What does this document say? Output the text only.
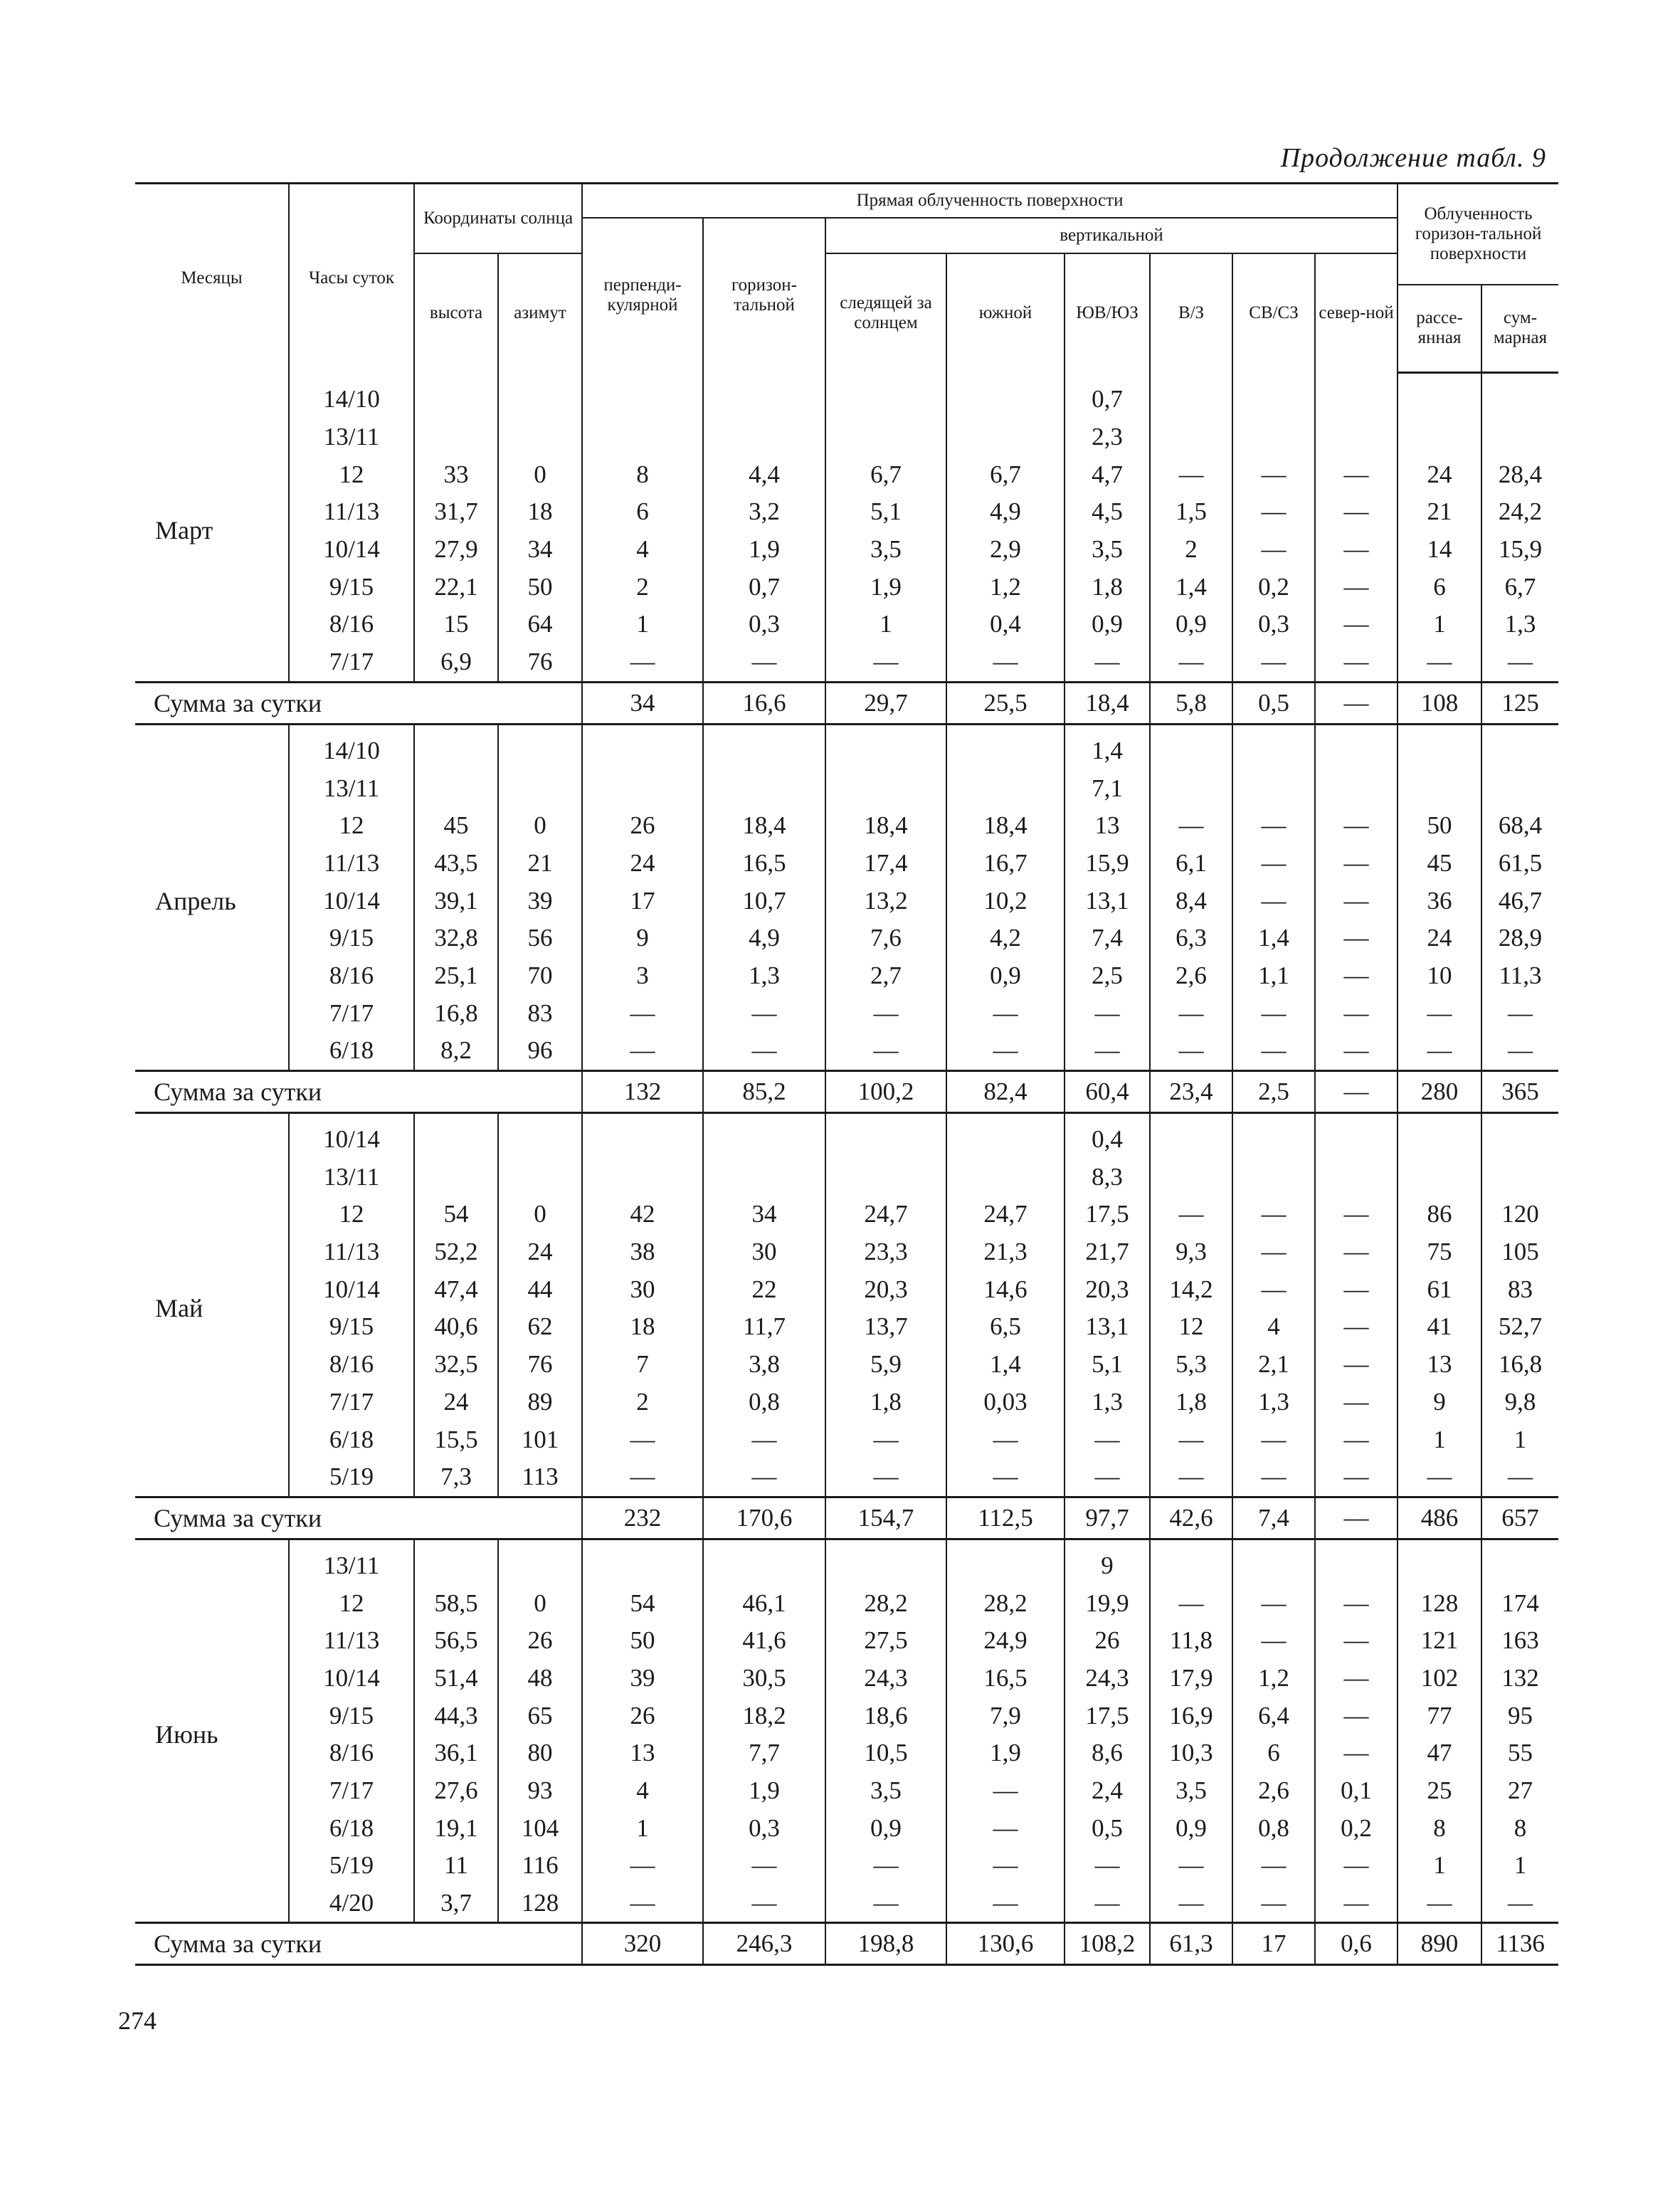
Продолжение табл. 9
Месяцы	Часы суток	Координаты солнца		Прямая облученность поверхности								Облученность горизон-тальной поверхности	
				перпенди-кулярной	горизон-тальной	вертикальной							
		высота	азимут			следящей за солнцем	южной	ЮВ/ЮЗ	В/З	СВ/СЗ	север-ной		
												рассе-янная	сум-марная
Март	14/10							0,7					
	13/11							2,3					
	12	33	0	8	4,4	6,7	6,7	4,7	—	—	—	24	28,4
	11/13	31,7	18	6	3,2	5,1	4,9	4,5	1,5	—	—	21	24,2
	10/14	27,9	34	4	1,9	3,5	2,9	3,5	2	—	—	14	15,9
	9/15	22,1	50	2	0,7	1,9	1,2	1,8	1,4	0,2	—	6	6,7
	8/16	15	64	1	0,3	1	0,4	0,9	0,9	0,3	—	1	1,3
	7/17	6,9	76	—	—	—	—	—	—	—	—	—	—
Сумма за сутки				34	16,6	29,7	25,5	18,4	5,8	0,5	—	108	125
Апрель	14/10							1,4					
	13/11							7,1					
	12	45	0	26	18,4	18,4	18,4	13	—	—	—	50	68,4
	11/13	43,5	21	24	16,5	17,4	16,7	15,9	6,1	—	—	45	61,5
	10/14	39,1	39	17	10,7	13,2	10,2	13,1	8,4	—	—	36	46,7
	9/15	32,8	56	9	4,9	7,6	4,2	7,4	6,3	1,4	—	24	28,9
	8/16	25,1	70	3	1,3	2,7	0,9	2,5	2,6	1,1	—	10	11,3
	7/17	16,8	83	—	—	—	—	—	—	—	—	—	—
	6/18	8,2	96	—	—	—	—	—	—	—	—	—	—
Сумма за сутки				132	85,2	100,2	82,4	60,4	23,4	2,5	—	280	365
Май	10/14							0,4					
	13/11							8,3					
	12	54	0	42	34	24,7	24,7	17,5	—	—	—	86	120
	11/13	52,2	24	38	30	23,3	21,3	21,7	9,3	—	—	75	105
	10/14	47,4	44	30	22	20,3	14,6	20,3	14,2	—	—	61	83
	9/15	40,6	62	18	11,7	13,7	6,5	13,1	12	4	—	41	52,7
	8/16	32,5	76	7	3,8	5,9	1,4	5,1	5,3	2,1	—	13	16,8
	7/17	24	89	2	0,8	1,8	0,03	1,3	1,8	1,3	—	9	9,8
	6/18	15,5	101	—	—	—	—	—	—	—	—	1	1
	5/19	7,3	113	—	—	—	—	—	—	—	—	—	—
Сумма за сутки				232	170,6	154,7	112,5	97,7	42,6	7,4	—	486	657
Июнь	13/11							9					
	12	58,5	0	54	46,1	28,2	28,2	19,9	—	—	—	128	174
	11/13	56,5	26	50	41,6	27,5	24,9	26	11,8	—	—	121	163
	10/14	51,4	48	39	30,5	24,3	16,5	24,3	17,9	1,2	—	102	132
	9/15	44,3	65	26	18,2	18,6	7,9	17,5	16,9	6,4	—	77	95
	8/16	36,1	80	13	7,7	10,5	1,9	8,6	10,3	6	—	47	55
	7/17	27,6	93	4	1,9	3,5	—	2,4	3,5	2,6	0,1	25	27
	6/18	19,1	104	1	0,3	0,9	—	0,5	0,9	0,8	0,2	8	8
	5/19	11	116	—	—	—	—	—	—	—	—	1	1
	4/20	3,7	128	—	—	—	—	—	—	—	—	—	—
Сумма за сутки				320	246,3	198,8	130,6	108,2	61,3	17	0,6	890	1136
274
